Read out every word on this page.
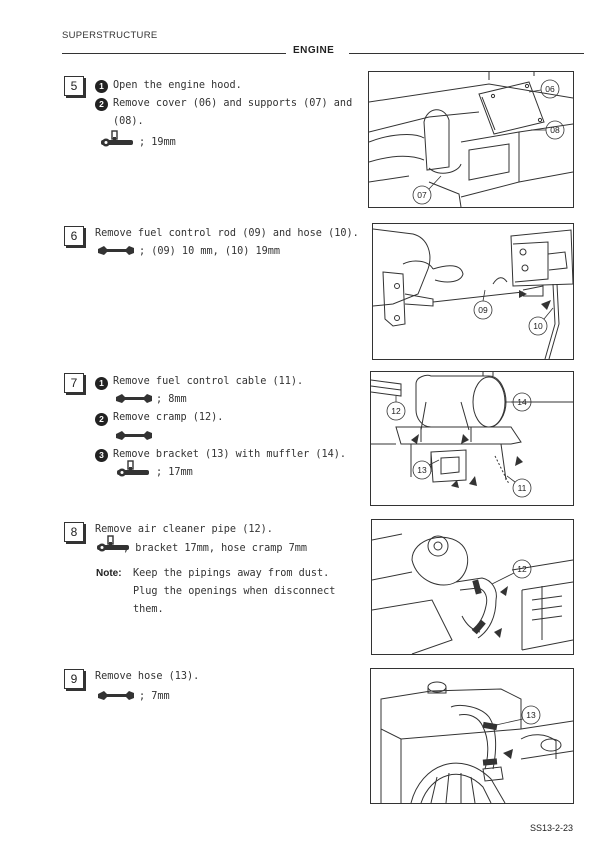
SUPERSTRUCTURE
ENGINE
5	1 Open the engine hood.
2 Remove cover (06) and supports (07) and
(08).
; 19mm
06
08
07
6	Remove fuel control rod (09) and hose (10).
; (09) 10 mm, (10) 19mm
09
10
7	1 Remove fuel control cable (11).
; 8mm
2 Remove cramp (12).
3 Remove bracket (13) with muffler (14).
; 17mm
12
14
13
11
8	Remove air cleaner pipe (12).
; bracket 17mm, hose cramp 7mm
Note: Keep the pipings away from dust.
Plug the openings when disconnect
them.
12
9	Remove hose (13).
; 7mm
13
SS13-2-23
